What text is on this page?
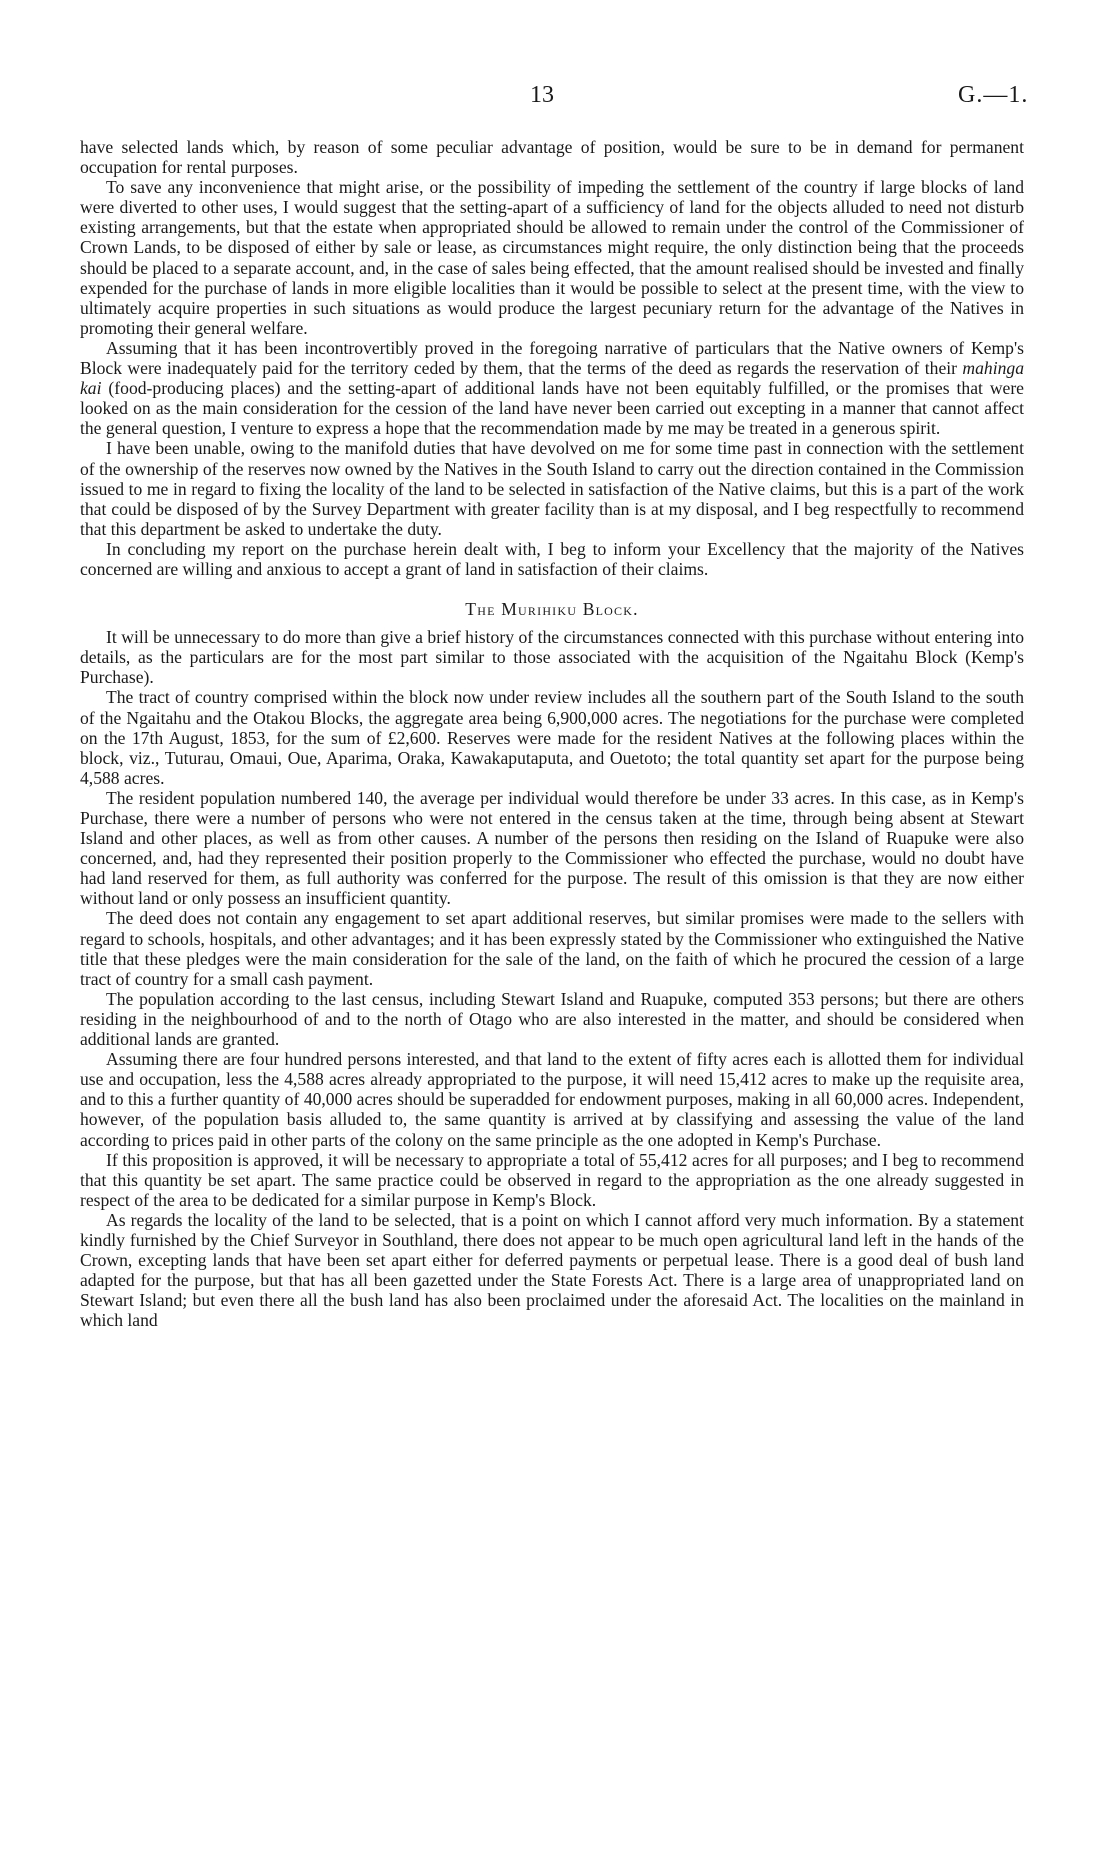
13	G.—1.

have selected lands which, by reason of some peculiar advantage of position, would be sure to be in demand for permanent occupation for rental purposes.

To save any inconvenience that might arise, or the possibility of impeding the settlement of the country if large blocks of land were diverted to other uses, I would suggest that the setting-apart of a sufficiency of land for the objects alluded to need not disturb existing arrangements, but that the estate when appropriated should be allowed to remain under the control of the Commissioner of Crown Lands, to be disposed of either by sale or lease, as circumstances might require, the only distinction being that the proceeds should be placed to a separate account, and, in the case of sales being effected, that the amount realised should be invested and finally expended for the purchase of lands in more eligible localities than it would be possible to select at the present time, with the view to ultimately acquire properties in such situations as would produce the largest pecuniary return for the advantage of the Natives in promoting their general welfare.

Assuming that it has been incontrovertibly proved in the foregoing narrative of particulars that the Native owners of Kemp's Block were inadequately paid for the territory ceded by them, that the terms of the deed as regards the reservation of their mahinga kai (food-producing places) and the setting-apart of additional lands have not been equitably fulfilled, or the promises that were looked on as the main consideration for the cession of the land have never been carried out excepting in a manner that cannot affect the general question, I venture to express a hope that the recommendation made by me may be treated in a generous spirit.

I have been unable, owing to the manifold duties that have devolved on me for some time past in connection with the settlement of the ownership of the reserves now owned by the Natives in the South Island to carry out the direction contained in the Commission issued to me in regard to fixing the locality of the land to be selected in satisfaction of the Native claims, but this is a part of the work that could be disposed of by the Survey Department with greater facility than is at my disposal, and I beg respectfully to recommend that this department be asked to undertake the duty.

In concluding my report on the purchase herein dealt with, I beg to inform your Excellency that the majority of the Natives concerned are willing and anxious to accept a grant of land in satisfaction of their claims.

The Murihiku Block.

It will be unnecessary to do more than give a brief history of the circumstances connected with this purchase without entering into details, as the particulars are for the most part similar to those associated with the acquisition of the Ngaitahu Block (Kemp's Purchase).

The tract of country comprised within the block now under review includes all the southern part of the South Island to the south of the Ngaitahu and the Otakou Blocks, the aggregate area being 6,900,000 acres. The negotiations for the purchase were completed on the 17th August, 1853, for the sum of £2,600. Reserves were made for the resident Natives at the following places within the block, viz., Tuturau, Omaui, Oue, Aparima, Oraka, Kawakaputaputa, and Ouetoto; the total quantity set apart for the purpose being 4,588 acres.

The resident population numbered 140, the average per individual would therefore be under 33 acres. In this case, as in Kemp's Purchase, there were a number of persons who were not entered in the census taken at the time, through being absent at Stewart Island and other places, as well as from other causes. A number of the persons then residing on the Island of Ruapuke were also concerned, and, had they represented their position properly to the Commissioner who effected the purchase, would no doubt have had land reserved for them, as full authority was conferred for the purpose. The result of this omission is that they are now either without land or only possess an insufficient quantity.

The deed does not contain any engagement to set apart additional reserves, but similar promises were made to the sellers with regard to schools, hospitals, and other advantages; and it has been expressly stated by the Commissioner who extinguished the Native title that these pledges were the main consideration for the sale of the land, on the faith of which he procured the cession of a large tract of country for a small cash payment.

The population according to the last census, including Stewart Island and Ruapuke, computed 353 persons; but there are others residing in the neighbourhood of and to the north of Otago who are also interested in the matter, and should be considered when additional lands are granted.

Assuming there are four hundred persons interested, and that land to the extent of fifty acres each is allotted them for individual use and occupation, less the 4,588 acres already appropriated to the purpose, it will need 15,412 acres to make up the requisite area, and to this a further quantity of 40,000 acres should be superadded for endowment purposes, making in all 60,000 acres. Independent, however, of the population basis alluded to, the same quantity is arrived at by classifying and assessing the value of the land according to prices paid in other parts of the colony on the same principle as the one adopted in Kemp's Purchase.

If this proposition is approved, it will be necessary to appropriate a total of 55,412 acres for all purposes; and I beg to recommend that this quantity be set apart. The same practice could be observed in regard to the appropriation as the one already suggested in respect of the area to be dedicated for a similar purpose in Kemp's Block.

As regards the locality of the land to be selected, that is a point on which I cannot afford very much information. By a statement kindly furnished by the Chief Surveyor in Southland, there does not appear to be much open agricultural land left in the hands of the Crown, excepting lands that have been set apart either for deferred payments or perpetual lease. There is a good deal of bush land adapted for the purpose, but that has all been gazetted under the State Forests Act. There is a large area of unappropriated land on Stewart Island; but even there all the bush land has also been proclaimed under the aforesaid Act. The localities on the mainland in which land
